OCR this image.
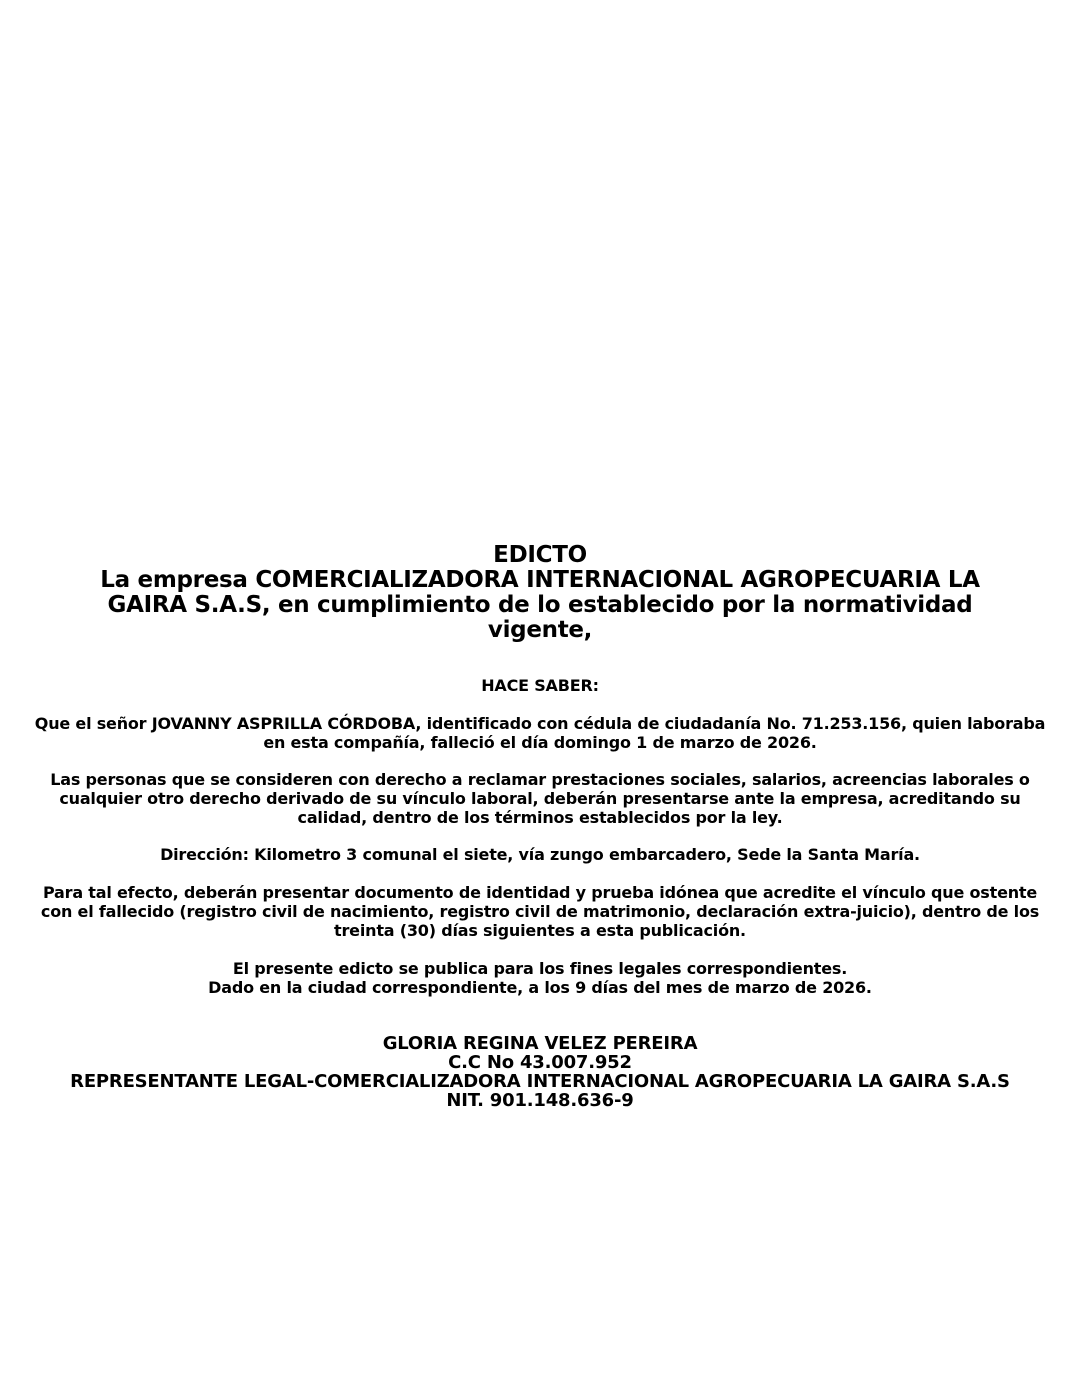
EDICTO
La empresa COMERCIALIZADORA INTERNACIONAL AGROPECUARIA LA GAIRA S.A.S, en cumplimiento de lo establecido por la normatividad vigente,

HACE SABER:

Que el señor JOVANNY ASPRILLA CÓRDOBA, identificado con cédula de ciudadanía No. 71.253.156, quien laboraba en esta compañía, falleció el día domingo 1 de marzo de 2026.

Las personas que se consideren con derecho a reclamar prestaciones sociales, salarios, acreencias laborales o cualquier otro derecho derivado de su vínculo laboral, deberán presentarse ante la empresa, acreditando su calidad, dentro de los términos establecidos por la ley.

Dirección: Kilometro 3 comunal el siete, vía zungo embarcadero, Sede la Santa María.

Para tal efecto, deberán presentar documento de identidad y prueba idónea que acredite el vínculo que ostente con el fallecido (registro civil de nacimiento, registro civil de matrimonio, declaración extra-juicio), dentro de los treinta (30) días siguientes a esta publicación.

El presente edicto se publica para los fines legales correspondientes.

Dado en la ciudad correspondiente, a los 9 días del mes de marzo de 2026.

GLORIA REGINA VELEZ PEREIRA

C.C No 43.007.952

REPRESENTANTE LEGAL-COMERCIALIZADORA INTERNACIONAL AGROPECUARIA LA GAIRA S.A.S

NIT. 901.148.636-9
